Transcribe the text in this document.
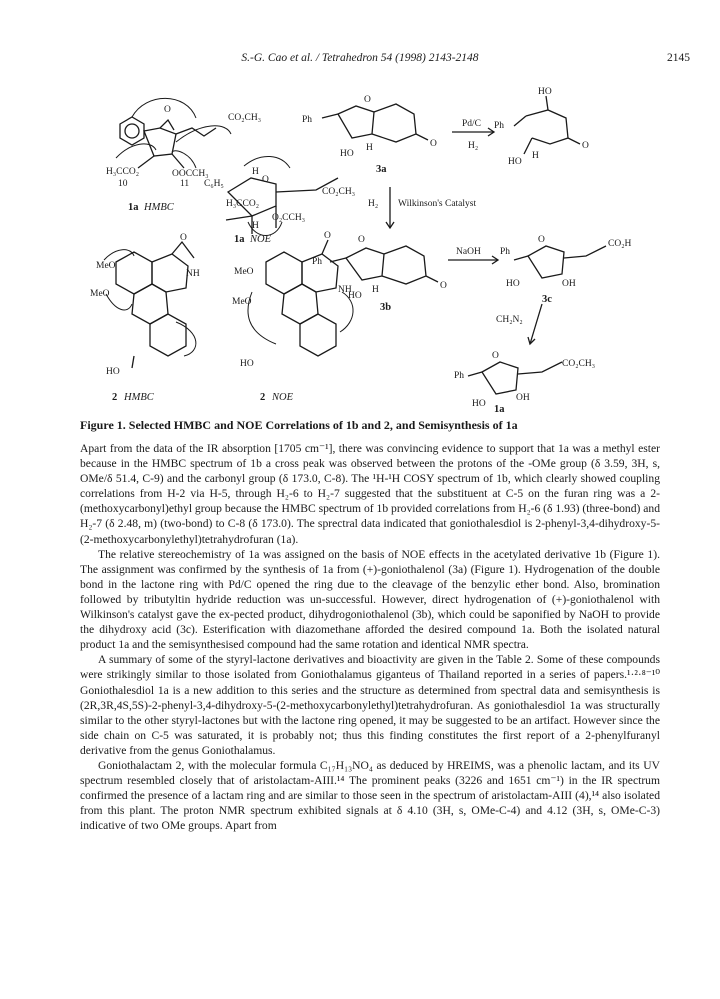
S.-G. Cao et al. / Tetrahedron 54 (1998) 2143-2148	2145
H₃CCO₂
10
OOCCH₃
11
CO₂CH₃
O
1a HMBC
C₆H₅
H₃CCO₂
CO₂CH₃
O₂CCH₃
H
O
H
1a NOE
MeO
MeO
NH
O
HO
2 HMBC
MeO
MeO
NH
O
HO
2 NOE
Ph
O
O
HO
H
3a
Pd/C
H₂
Ph
HO
O
HO
H
H₂ Wilkinson's Catalyst
Ph
O
O
HO
H
3b
NaOH Ph
O	CO₂H
HO	OH
3c
CH₂N₂
Ph
O
CO₂CH₃
HO
OH
1a
Figure 1. Selected HMBC and NOE Correlations of 1b and 2, and Semisynthesis of 1a

Apart from the data of the IR absorption [1705 cm⁻¹], there was convincing evidence to support that 1a was a methyl ester because in the HMBC spectrum of 1b a cross peak was observed between the protons of the -OMe group (δ 3.59, 3H, s, OMe/δ 51.4, C-9) and the carbonyl group (δ 173.0, C-8). The ¹H-¹H COSY spectrum of 1b, which clearly showed coupling correlations from H-2 via H-5, through H₂-6 to H₂-7 suggested that the substituent at C-5 on the furan ring was a 2-(methoxycarbonyl)ethyl group because the HMBC spectrum of 1b provided correlations from H₂-6 (δ 1.93) (three-bond) and H₂-7 (δ 2.48, m) (two-bond) to C-8 (δ 173.0). The sprectral data indicated that goniothalesdiol is 2-phenyl-3,4-dihydroxy-5-(2-methoxycarbonylethyl)tetrahydrofuran (1a).

The relative stereochemistry of 1a was assigned on the basis of NOE effects in the acetylated derivative 1b (Figure 1). The assignment was confirmed by the synthesis of 1a from (+)-goniothalenol (3a) (Figure 1). Hydrogenation of the double bond in the lactone ring with Pd/C opened the ring due to the cleavage of the benzylic ether bond. Also, bromination followed by tributyltin hydride reduction was un-successful. However, direct hydrogenation of (+)-goniothalenol with Wilkinson's catalyst gave the ex-pected product, dihydrogoniothalenol (3b), which could be saponified by NaOH to provide the dihydroxy acid (3c). Esterification with diazomethane afforded the desired compound 1a. Both the isolated natural product 1a and the semisynthesised compound had the same rotation and identical NMR spectra.

A summary of some of the styryl-lactone derivatives and bioactivity are given in the Table 2. Some of these compounds were strikingly similar to those isolated from Goniothalamus giganteus of Thailand reported in a series of papers.¹·²·⁸⁻¹⁰ Goniothalesdiol 1a is a new addition to this series and the structure as determined from spectral data and semisynthesis is (2R,3R,4S,5S)-2-phenyl-3,4-dihydroxy-5-(2-methoxycarbonylethyl)tetrahydrofuran. As goniothalesdiol 1a was structurally similar to the other styryl-lactones but with the lactone ring opened, it may be suggested to be an artifact. However since the side chain on C-5 was saturated, it is probably not; thus this finding constitutes the first report of a 2-phenylfuranyl derivative from the genus Goniothalamus.

Goniothalactam 2, with the molecular formula C₁₇H₁₃NO₄ as deduced by HREIMS, was a phenolic lactam, and its UV spectrum resembled closely that of aristolactam-AIII.¹⁴ The prominent peaks (3226 and 1651 cm⁻¹) in the IR spectrum confirmed the presence of a lactam ring and are similar to those seen in the spectrum of aristolactam-AIII (4),¹⁴ also isolated from this plant. The proton NMR spectrum exhibited signals at δ 4.10 (3H, s, OMe-C-4) and 4.12 (3H, s, OMe-C-3) indicative of two OMe groups. Apart from
